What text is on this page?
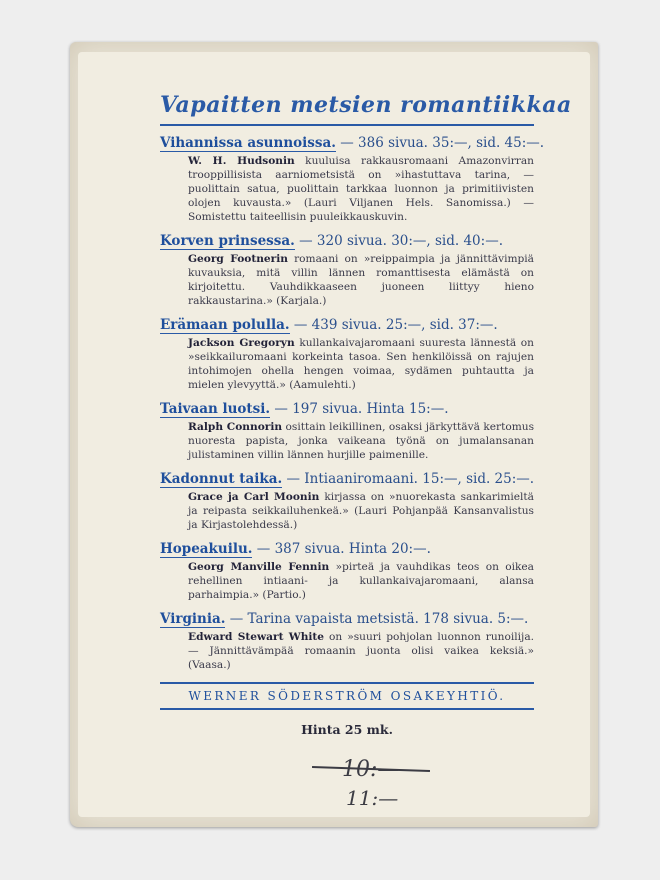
Vapaitten metsien romantiikkaa
Vihannissa asunnoissa. — 386 sivua. 35:—, sid. 45:—.
W. H. Hudsonin kuuluisa rakkausromaani Amazonvirran trooppillisista aarniometsistä on »ihastuttava tarina, — puolittain satua, puolittain tarkkaa luonnon ja primitiivisten olojen kuvausta.» (Lauri Viljanen Hels. Sanomissa.) — Somistettu taiteellisin puuleikkauskuvin.
Korven prinsessa. — 320 sivua. 30:—, sid. 40:—.
Georg Footnerin romaani on »reippaimpia ja jännittävimpiä kuvauksia, mitä villin lännen romanttisesta elämästä on kirjoitettu. Vauhdikkaaseen juoneen liittyy hieno rakkaustarina.» (Karjala.)
Erämaan polulla. — 439 sivua. 25:—, sid. 37:—.
Jackson Gregoryn kullankaivajaromaani suuresta lännestä on »seikkailuromaani korkeinta tasoa. Sen henkilöissä on rajujen intohimojen ohella hengen voimaa, sydämen puhtautta ja mielen ylevyyttä.» (Aamulehti.)
Taivaan luotsi. — 197 sivua. Hinta 15:—.
Ralph Connorin osittain leikillinen, osaksi järkyttävä kertomus nuoresta papista, jonka vaikeana työnä on jumalansanan julistaminen villin lännen hurjille paimenille.
Kadonnut taika. — Intiaaniromaani. 15:—, sid. 25:—.
Grace ja Carl Moonin kirjassa on »nuorekasta sankarimieltä ja reipasta seikkailuhenkeä.» (Lauri Pohjanpää Kansanvalistus ja Kirjastolehdessä.)
Hopeakuilu. — 387 sivua. Hinta 20:—.
Georg Manville Fennin »pirteä ja vauhdikas teos on oikea rehellinen intiaani- ja kullankaivajaromaani, alansa parhaimpia.» (Partio.)
Virginia. — Tarina vapaista metsistä. 178 sivua. 5:—.
Edward Stewart White on »suuri pohjolan luonnon runoilija. — Jännittävämpää romaanin juonta olisi vaikea keksiä.» (Vaasa.)
WERNER SÖDERSTRÖM OSAKEYHTIÖ.
Hinta 25 mk.
10:—
11:—
